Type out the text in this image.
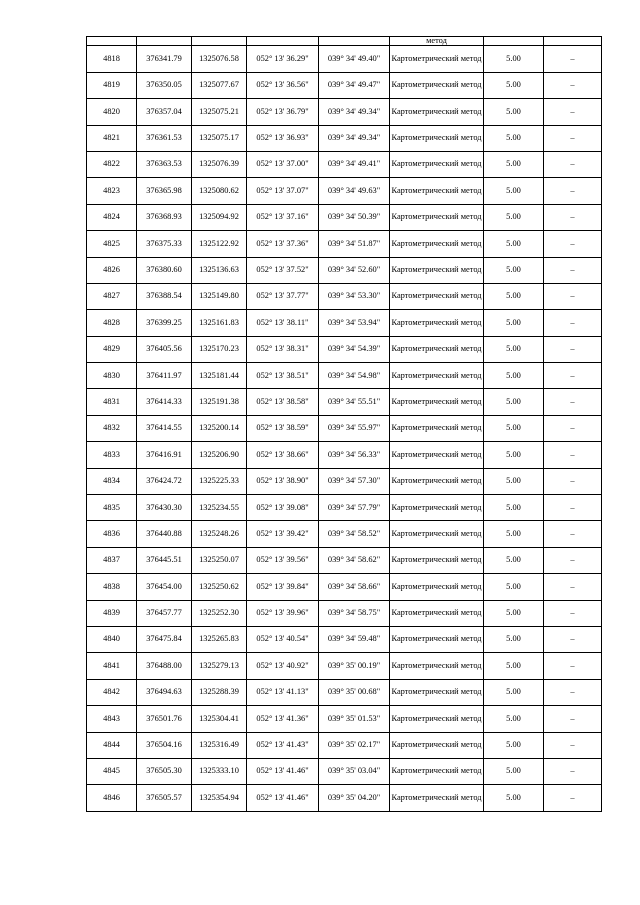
					метод		
4818	376341.79	1325076.58	052° 13' 36.29"	039° 34' 49.40"	Картометрический метод	5.00	–
4819	376350.05	1325077.67	052° 13' 36.56"	039° 34' 49.47"	Картометрический метод	5.00	–
4820	376357.04	1325075.21	052° 13' 36.79"	039° 34' 49.34"	Картометрический метод	5.00	–
4821	376361.53	1325075.17	052° 13' 36.93"	039° 34' 49.34"	Картометрический метод	5.00	–
4822	376363.53	1325076.39	052° 13' 37.00"	039° 34' 49.41"	Картометрический метод	5.00	–
4823	376365.98	1325080.62	052° 13' 37.07"	039° 34' 49.63"	Картометрический метод	5.00	–
4824	376368.93	1325094.92	052° 13' 37.16"	039° 34' 50.39"	Картометрический метод	5.00	–
4825	376375.33	1325122.92	052° 13' 37.36"	039° 34' 51.87"	Картометрический метод	5.00	–
4826	376380.60	1325136.63	052° 13' 37.52"	039° 34' 52.60"	Картометрический метод	5.00	–
4827	376388.54	1325149.80	052° 13' 37.77"	039° 34' 53.30"	Картометрический метод	5.00	–
4828	376399.25	1325161.83	052° 13' 38.11"	039° 34' 53.94"	Картометрический метод	5.00	–
4829	376405.56	1325170.23	052° 13' 38.31"	039° 34' 54.39"	Картометрический метод	5.00	–
4830	376411.97	1325181.44	052° 13' 38.51"	039° 34' 54.98"	Картометрический метод	5.00	–
4831	376414.33	1325191.38	052° 13' 38.58"	039° 34' 55.51"	Картометрический метод	5.00	–
4832	376414.55	1325200.14	052° 13' 38.59"	039° 34' 55.97"	Картометрический метод	5.00	–
4833	376416.91	1325206.90	052° 13' 38.66"	039° 34' 56.33"	Картометрический метод	5.00	–
4834	376424.72	1325225.33	052° 13' 38.90"	039° 34' 57.30"	Картометрический метод	5.00	–
4835	376430.30	1325234.55	052° 13' 39.08"	039° 34' 57.79"	Картометрический метод	5.00	–
4836	376440.88	1325248.26	052° 13' 39.42"	039° 34' 58.52"	Картометрический метод	5.00	–
4837	376445.51	1325250.07	052° 13' 39.56"	039° 34' 58.62"	Картометрический метод	5.00	–
4838	376454.00	1325250.62	052° 13' 39.84"	039° 34' 58.66"	Картометрический метод	5.00	–
4839	376457.77	1325252.30	052° 13' 39.96"	039° 34' 58.75"	Картометрический метод	5.00	–
4840	376475.84	1325265.83	052° 13' 40.54"	039° 34' 59.48"	Картометрический метод	5.00	–
4841	376488.00	1325279.13	052° 13' 40.92"	039° 35' 00.19"	Картометрический метод	5.00	–
4842	376494.63	1325288.39	052° 13' 41.13"	039° 35' 00.68"	Картометрический метод	5.00	–
4843	376501.76	1325304.41	052° 13' 41.36"	039° 35' 01.53"	Картометрический метод	5.00	–
4844	376504.16	1325316.49	052° 13' 41.43"	039° 35' 02.17"	Картометрический метод	5.00	–
4845	376505.30	1325333.10	052° 13' 41.46"	039° 35' 03.04"	Картометрический метод	5.00	–
4846	376505.57	1325354.94	052° 13' 41.46"	039° 35' 04.20"	Картометрический метод	5.00	–
